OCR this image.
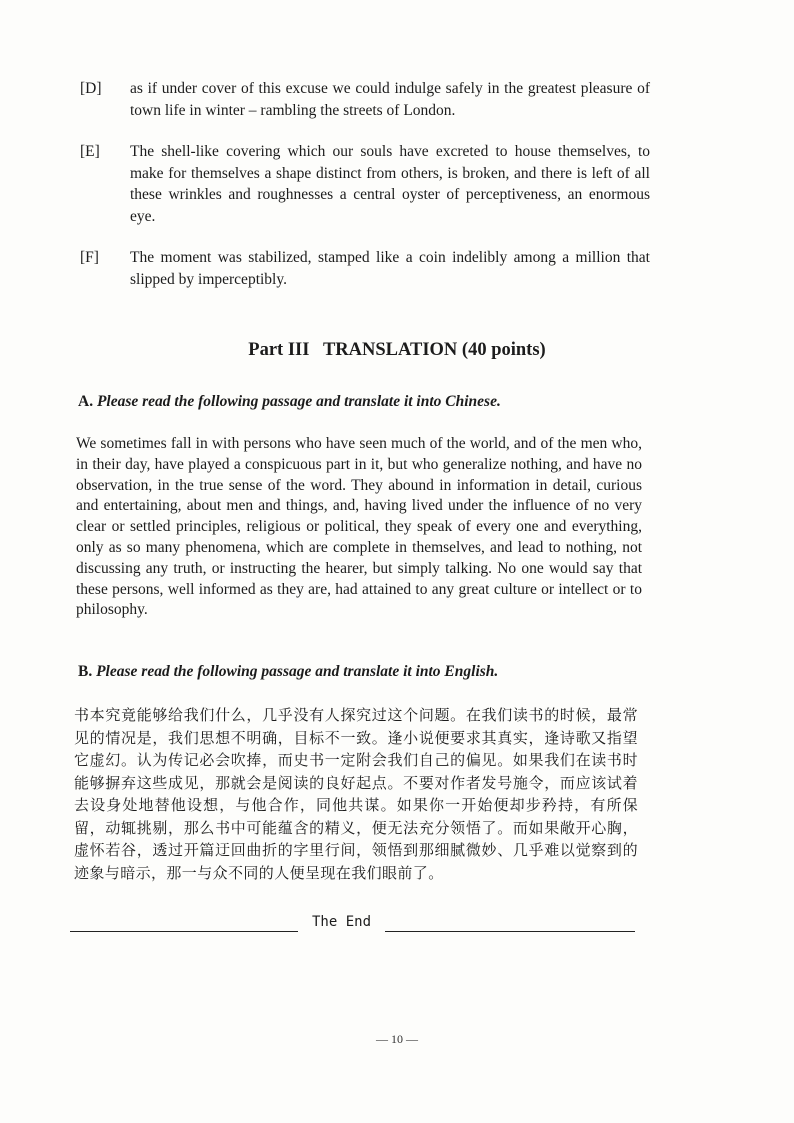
[D] as if under cover of this excuse we could indulge safely in the greatest pleasure of town life in winter – rambling the streets of London.
[E] The shell-like covering which our souls have excreted to house themselves, to make for themselves a shape distinct from others, is broken, and there is left of all these wrinkles and roughnesses a central oyster of perceptiveness, an enormous eye.
[F] The moment was stabilized, stamped like a coin indelibly among a million that slipped by imperceptibly.
Part III   TRANSLATION (40 points)
A. Please read the following passage and translate it into Chinese.
We sometimes fall in with persons who have seen much of the world, and of the men who, in their day, have played a conspicuous part in it, but who generalize nothing, and have no observation, in the true sense of the word. They abound in information in detail, curious and entertaining, about men and things, and, having lived under the influence of no very clear or settled principles, religious or political, they speak of every one and everything, only as so many phenomena, which are complete in themselves, and lead to nothing, not discussing any truth, or instructing the hearer, but simply talking. No one would say that these persons, well informed as they are, had attained to any great culture or intellect or to philosophy.
B. Please read the following passage and translate it into English.
书本究竟能够给我们什么，几乎没有人探究过这个问题。在我们读书的时候，最常见的情况是，我们思想不明确，目标不一致。逢小说便要求其真实，逢诗歌又指望它虚幻。认为传记必会吹捧，而史书一定附会我们自己的偏见。如果我们在读书时能够摒弃这些成见，那就会是阅读的良好起点。不要对作者发号施令，而应该试着去设身处地替他设想，与他合作，同他共谋。如果你一开始便却步矜持，有所保留，动辄挑剔，那么书中可能蕴含的精义，便无法充分领悟了。而如果敞开心胸，虚怀若谷，透过开篇迂回曲折的字里行间，领悟到那细腻微妙、几乎难以觉察到的迹象与暗示，那一与众不同的人便呈现在我们眼前了。
The End
— 10 —
